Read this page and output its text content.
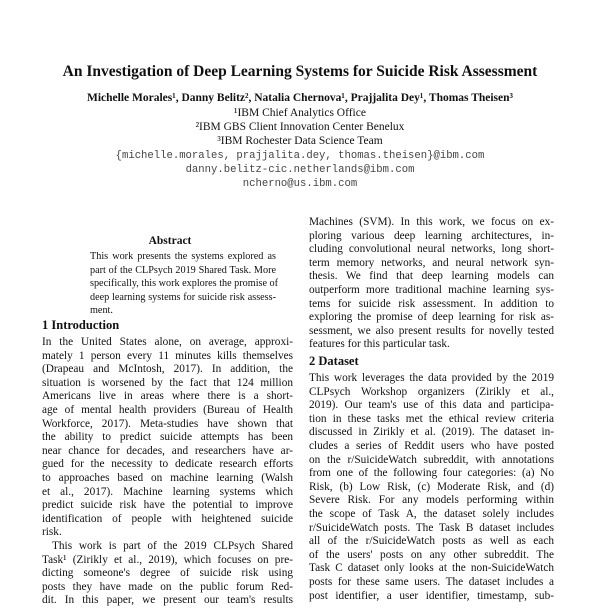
An Investigation of Deep Learning Systems for Suicide Risk Assessment
Michelle Morales¹, Danny Belitz², Natalia Chernova¹, Prajjalita Dey¹, Thomas Theisen³
¹IBM Chief Analytics Office
²IBM GBS Client Innovation Center Benelux
³IBM Rochester Data Science Team
{michelle.morales, prajjalita.dey, thomas.theisen}@ibm.com
danny.belitz-cic.netherlands@ibm.com
ncherno@us.ibm.com
Abstract
This work presents the systems explored as
part of the CLPsych 2019 Shared Task. More
specifically, this work explores the promise of
deep learning systems for suicide risk assess-
ment.
1 Introduction
In the United States alone, on average, approxi-
mately 1 person every 11 minutes kills themselves
(Drapeau and McIntosh, 2017). In addition, the
situation is worsened by the fact that 124 million
Americans live in areas where there is a short-
age of mental health providers (Bureau of Health
Workforce, 2017). Meta-studies have shown that
the ability to predict suicide attempts has been
near chance for decades, and researchers have ar-
gued for the necessity to dedicate research efforts
to approaches based on machine learning (Walsh
et al., 2017). Machine learning systems which
predict suicide risk have the potential to improve
identification of people with heightened suicide
risk.
This work is part of the 2019 CLPsych Shared
Task¹ (Zirikly et al., 2019), which focuses on pre-
dicting someone's degree of suicide risk using
posts they have made on the public forum Red-
dit. In this paper, we present our team's results
Machines (SVM). In this work, we focus on ex-
ploring various deep learning architectures, in-
cluding convolutional neural networks, long short-
term memory networks, and neural network syn-
thesis. We find that deep learning models can
outperform more traditional machine learning sys-
tems for suicide risk assessment. In addition to
exploring the promise of deep learning for risk as-
sessment, we also present results for novelly tested
features for this particular task.
2 Dataset
This work leverages the data provided by the 2019
CLPsych Workshop organizers (Zirikly et al.,
2019). Our team's use of this data and participa-
tion in these tasks met the ethical review criteria
discussed in Zirikly et al. (2019). The dataset in-
cludes a series of Reddit users who have posted
on the r/SuicideWatch subreddit, with annotations
from one of the following four categories: (a) No
Risk, (b) Low Risk, (c) Moderate Risk, and (d)
Severe Risk. For any models performing within
the scope of Task A, the dataset solely includes
r/SuicideWatch posts. The Task B dataset includes
all of the r/SuicideWatch posts as well as each
of the users' posts on any other subreddit. The
Task C dataset only looks at the non-SuicideWatch
posts for these same users. The dataset includes a
post identifier, a user identifier, timestamp, sub-
